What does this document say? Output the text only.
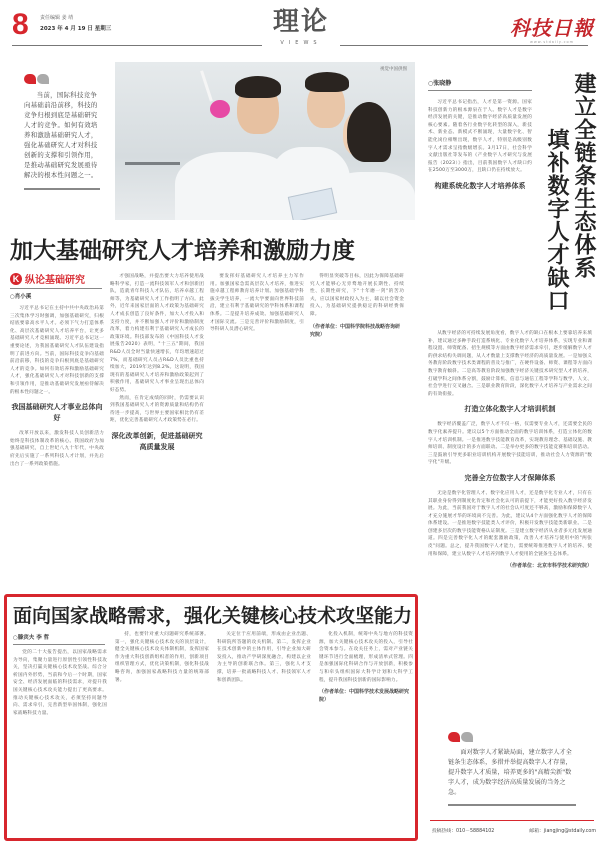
8 责任编辑 姜 靖
2023 年 4 月 19 日 星期三	理论
VIEWS
科技日報
www.stdaily.com

当前，国际科技竞争向基础前沿前移，科技的竞争归根到底是基础研究人才的竞争。如何有效培养和激励基础研究人才，强化基础研究人才对科技创新的支撑和引领作用，是推动基础研究发展亟待解决的根本性问题之一。

视觉中国供图
建立全链条生态体系
填补数字人才缺口
○张晓静

习近平总书记指出，人才是第一资源。国家科技创新力的根本源泉在于人。数字人才是数字经济发展的关键，是推动数字经济高质量发展的核心要素。随着各行业数字化转型的深入，新技术、新业态、新模式不断涌现，大量数字化、智能化岗位相继出现，数字人才，特别是高级别数字人才需求呈指数级增长。3月17日，社会科学文献出版社等发布的《产业数字人才研究与发展报告（2023）》指出，目前我国数字人才缺口约在2500万至3000万，且缺口仍在持续放大。

构建系统化数字人才培养体系

从数字经济的可持续发展角度看，数字人才的缺口在根本上要靠培养来填补，建议通过多种手段打造系统化、专业化数字人才培养体系，实现专业和课程设置、师资配备、招生规模等方面由数字经济需求牵引，逐步缓解数字人才的供求结构失调问题，从人才数量上支撑数字经济的高质量发展。一是加强义务教育阶段数字技术类课程的普及与推广，在硬件设备、师资、课程等方面向数字教育倾斜。二是高等教育阶段加强数字经济关键技术研究型人才的培养，打破学科之间体系分割，鼓励计算机、信息与通信工程等学科与数学、人文、社会学进行交叉融合。三是职业教育阶段，深化数字人才培养与产业需求之间的有效衔接。

打造立体化数字人才培训机制

数字经济覆盖广泛，数字人才不仅一格，仅需要专业人才，还需要全民的数字化素养提升。建议以5个方面推动全面的数字培训体系，打造立体化的数字人才培训机制。一是推进数字技能教育改革，实现教育理念、基础设施、教师培训、制度设计的多方面联动。二是举办更多的数字技能竞赛和培训活动。三是鼓励引导更多职业培训机构开展数字技能培训，推动社会人力资源的"数字化"升级。

完善全方位数字人才保障体系

无论是数字化管理人才、数字化应用人才，还是数字化专业人才，只有在其职业身份得到制度化肯定和社会化认可的前提下，才能更好投入数字经济发展。为此，当前我国对于数字人才的社会认可度还不够高，激励和保障数字人才充分施展才华的环境尚不完善。为此，建议从4个方面强化数字人才的保障体系建设。一是推进数字技能类人才评价，积极开发数字技能类新职业。二是创建多层次的数字技能资格认证制度。三是建立数字经济从业者多元化发展通道。四是完善数字化人才的配套激励政策，改善人才培养与使用中的"两张皮"问题。总之，提升我国数字人才能力，需要统筹推进数字人才的培养、使用和保障，建立从数字人才培养到数字人才使用的全链条生态体系。

（作者单位：北京市科学技术研究院）
加大基础研究人才培养和激励力度
K 纵论基础研究
○肖小溪

习近平总书记在主持中共中央政治局第三次集体学习时强调，加强基础研究，归根结底要靠高水平人才。必须下气力打造体系化、高层次基础研究人才培养平台，让更多基础研究人才竞相涌现。习近平总书记这一重要论述，为我国基础研究人才队伍建设指明了前进方向。当前，国际科技竞争向基础前沿前移，科技的竞争归根到底是基础研究人才的竞争。如何有效培养和激励基础研究人才，强化基础研究人才对科技创新的支撑和引领作用，是推动基础研究发展亟待解决的根本性问题之一。

我国基础研究人才事业总体向好

改革开放以来，激发科技人员创新活力始终是科技体制改革的核心。我国政府为加强基础研究，自上世纪八九十年代，中央政府先后实施了一系列科技人才计划，并先后出台了一系列政策措施。

才强国战略，并提出要大力培养使用战略科学家，打造一流科技领军人才和创新团队，造就青年科技人才队伍，培养卓越工程师等，为基础研究人才工作指明了方向。此外，近年来国家层面的人才政策为基础研究人才成长创造了良好条件，加大人才投入和支持力度，并不断加强人才评价和激励制度改革，着力构建有利于基础研究人才成长的政策环境。科技部发布的《中国科技人才发展报告2020》表明，"十三五"期间，我国R&D人员全时当量快速增长，年均增速超过7%，而基础研究人员占R&D人员比重也持续加大，2019年达到8.2%。这说明，我国现有的基础研究人才培养和激励政策起到了积极作用，基础研究人才事业呈现出总体向好态势。

然而，在肯定成绩的同时，仍需要认识到我国基础研究人才的资源质量和结构仍有待进一步提高，与世界主要国家相比仍有差距，优化完善基础研究人才政策势在必行。

深化改革创新，促进基础研究高质量发展

要发挥好基础研究人才培养主力军作用。加强国家急需高层次人才培养，推进实施卓越工程师教育培养计划。加强基础学科拔尖学生培养，一流大学要面向世界科技前沿，建立有利于基础研究的学科体系和课程体系。二是提升培养成效。加强基础研究人才国际交流。三是完善评价和激励制度，引导科研人员潜心研究。

得明显突破等目标，因此为保障基础研究人才能够心无旁骛地开展长期性、持续性、长期性研究，下"十年磨一剑"的苦功夫，应以国家财政投入为主，辅以社会资金投入，为基础研究提供稳定的科研经费保障。

（作者单位：中国科学院科技战略咨询研究院）
面向国家战略需求，强化关键核心技术攻坚能力
○滕宾夫 李 哲

党的二十大报告提出，以国家战略需求为导向，集聚力量进行原创性引领性科技攻关，坚决打赢关键核心技术攻坚战。综合分析国内外形势，当前和今后一个时期，国家安全、经济发展面临的科技需求，对提升我国关键核心技术攻关能力提出了更高要求。推动关键核心技术攻关，必须坚持问题导向、需求牵引，完善新型举国体制，强化国家战略科技力量。

持，也要针对重大问题研究系统部署。第一，强化关键核心技术攻关的顶层设计，健全关键核心技术攻关体制机制，发挥国家作为重大科技创新组织者的作用，创新项目组织管理方式，优化决策机制，强化科技战略咨询，加强国家战略科技力量的统筹部署。

关定位于应用前端，形成由企业出题、科研院所答题的攻关机制。第二，发挥企业在技术创新中的主体作用，引导企业加大研发投入，推动产学研深度融合，构建以企业为主导的创新联合体。第三，强化人才支撑，培养一批战略科技人才、科技领军人才和创新团队。

化投入机制，统筹中央与地方的科技资源，加大关键核心技术攻关的投入，引导社会资本参与。在攻关任务上，需对产业链关键环节进行全面梳理，形成清单式管理。四是加强国际化科研合作与开放创新，积极参与和牵头组织国际大科学计划和大科学工程，提升我国科技创新的国际影响力。

（作者单位：中国科学技术发展战略研究院）

面对数字人才紧缺局面，建立数字人才全链条生态体系，多措并举提高数字人才存量，提升数字人才质量，培养更多的"高精尖新"数字人才，成为数字经济高质量发展的当务之急。

投稿热线：010－58884102	邮箱：jiangjing@stdaily.com
